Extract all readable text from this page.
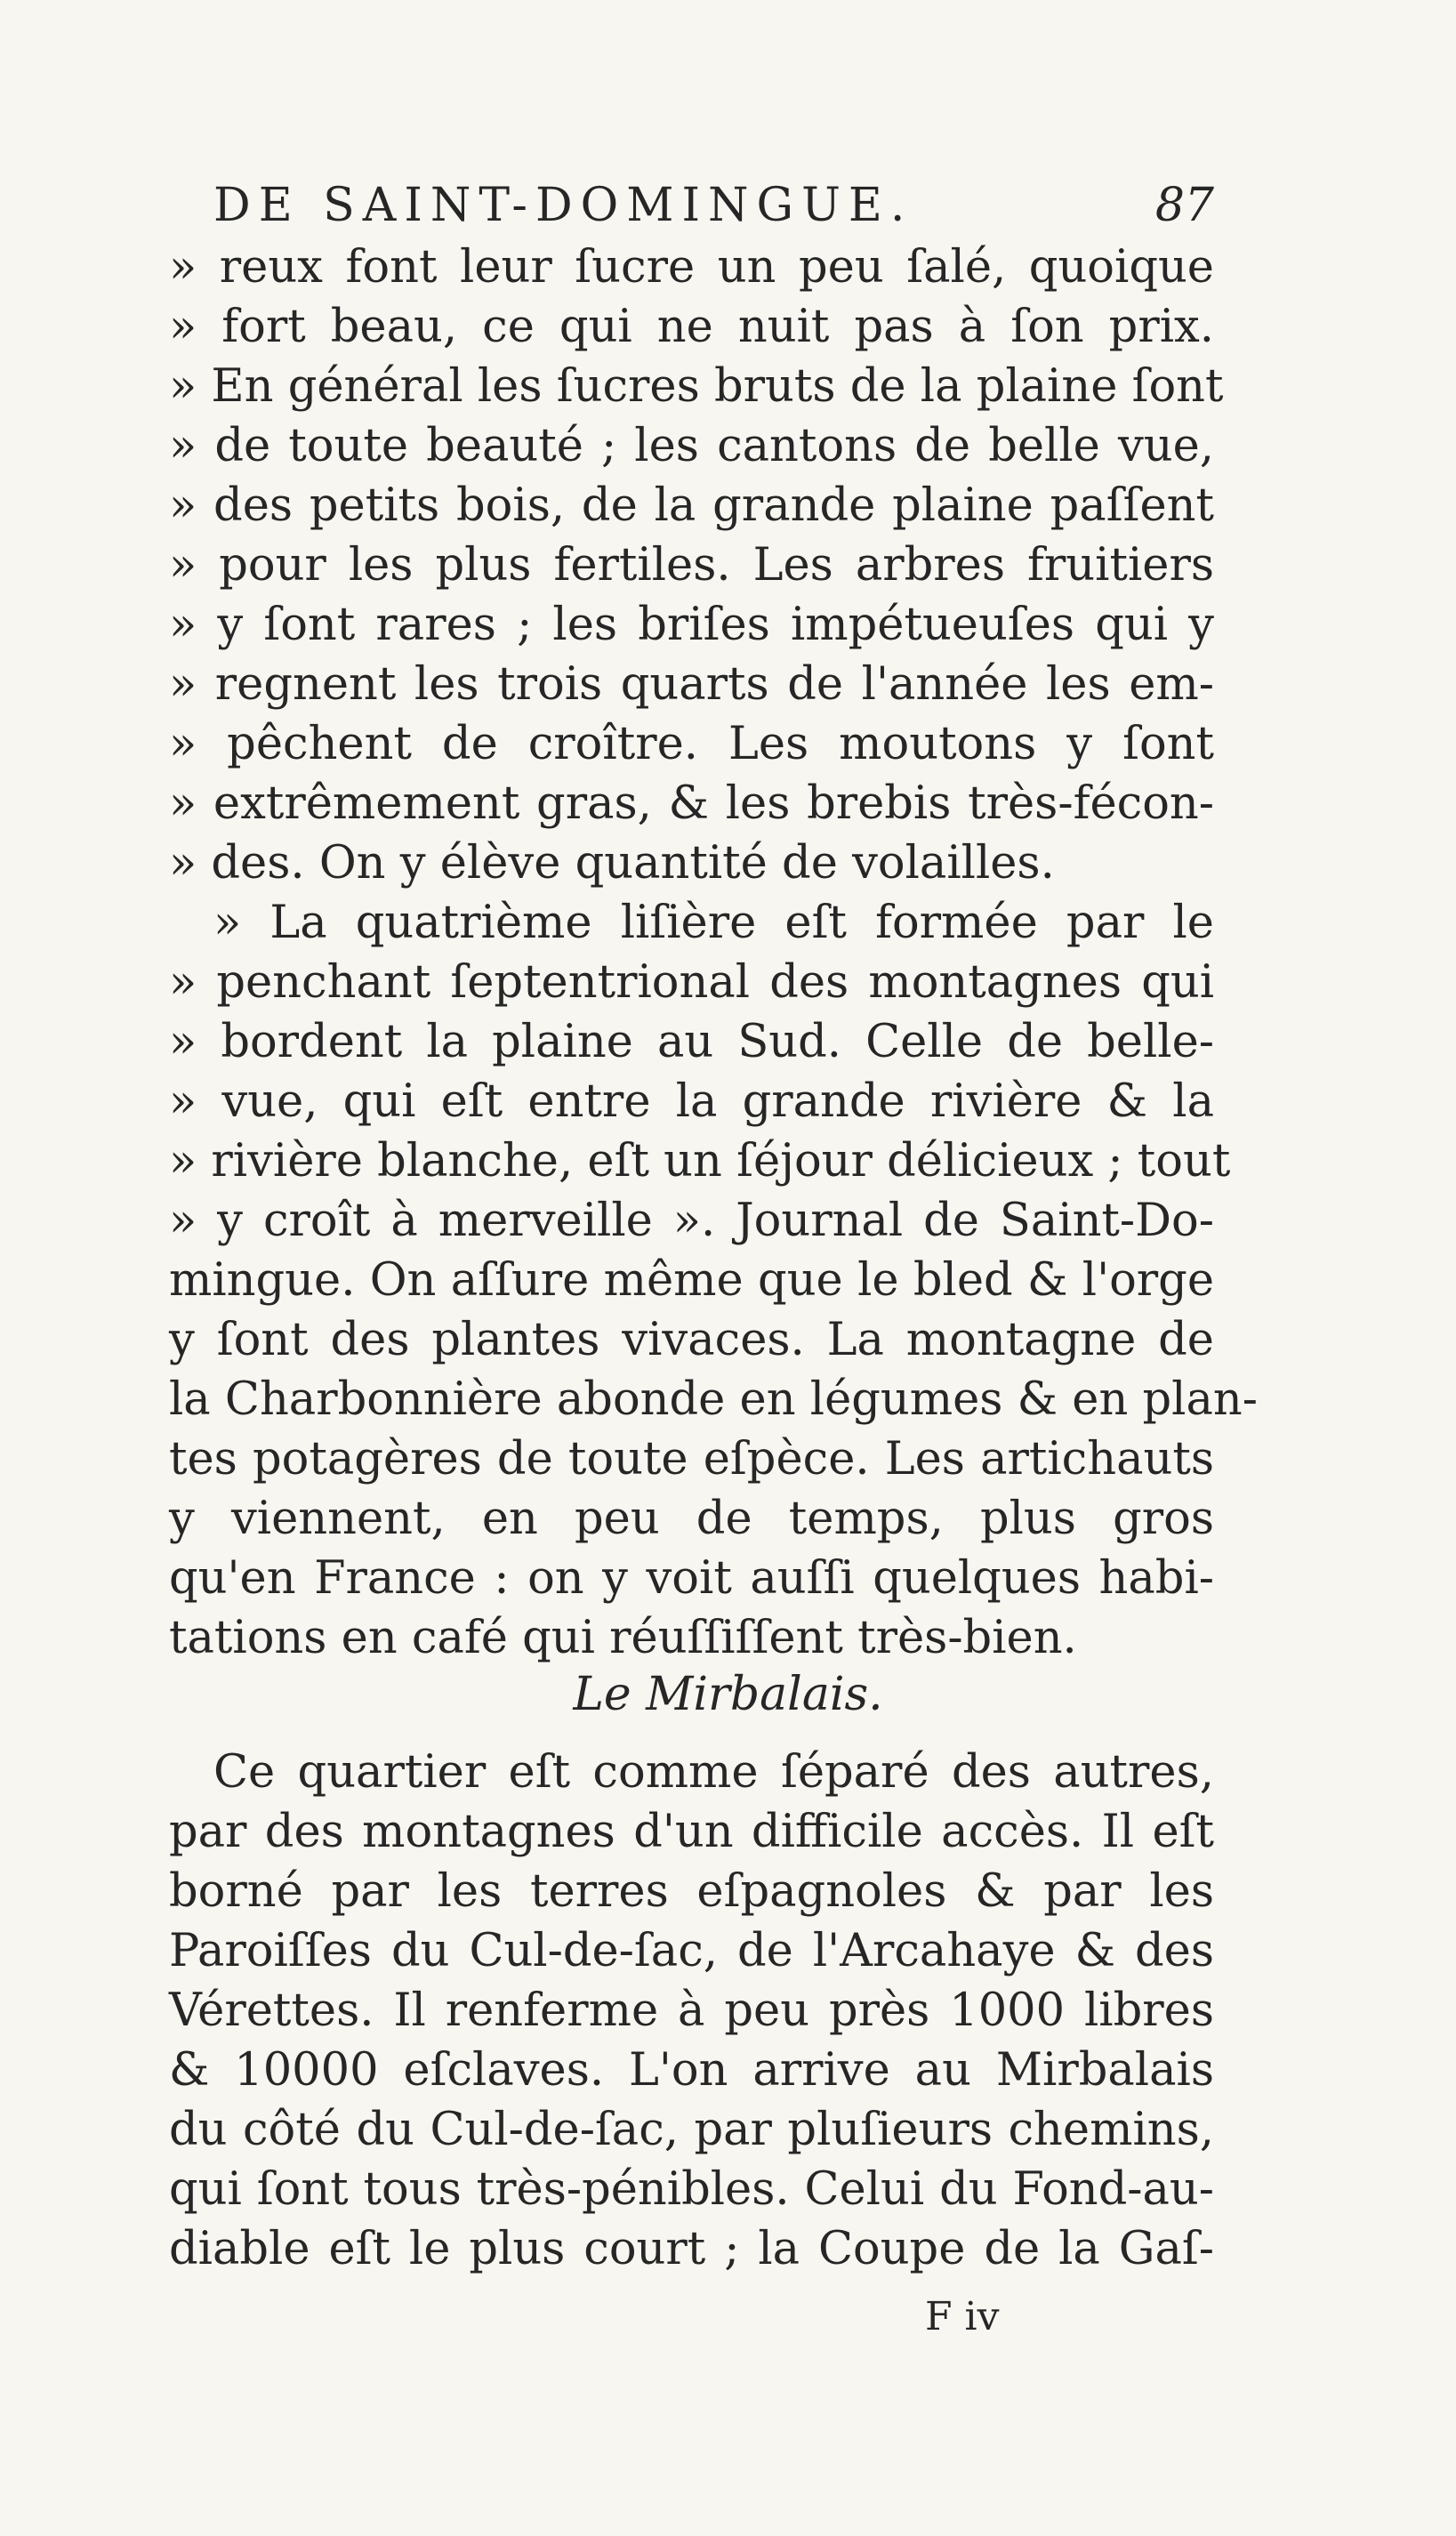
DE SAINT-DOMINGUE.	87
» reux font leur ſucre un peu ſalé, quoique
» fort beau, ce qui ne nuit pas à ſon prix.
» En général les ſucres bruts de la plaine ſont
» de toute beauté ; les cantons de belle vue,
» des petits bois, de la grande plaine paſſent
» pour les plus fertiles. Les arbres fruitiers
» y ſont rares ; les briſes impétueuſes qui y
» regnent les trois quarts de l'année les em-
» pêchent de croître. Les moutons y ſont
» extrêmement gras, & les brebis très-fécon-
» des. On y élève quantité de volailles.
» La quatrième liſière eſt formée par le
» penchant ſeptentrional des montagnes qui
» bordent la plaine au Sud. Celle de belle-
» vue, qui eſt entre la grande rivière & la
» rivière blanche, eſt un ſéjour délicieux ; tout
» y croît à merveille ». Journal de Saint-Do-
mingue. On aſſure même que le bled & l'orge
y ſont des plantes vivaces. La montagne de
la Charbonnière abonde en légumes & en plan-
tes potagères de toute eſpèce. Les artichauts
y viennent, en peu de temps, plus gros
qu'en France : on y voit auſſi quelques habi-
tations en café qui réuſſiſſent très-bien.
Le Mirbalais.
Ce quartier eſt comme ſéparé des autres,
par des montagnes d'un difficile accès. Il eſt
borné par les terres eſpagnoles & par les
Paroiſſes du Cul-de-ſac, de l'Arcahaye & des
Vérettes. Il renferme à peu près 1000 libres
& 10000 eſclaves. L'on arrive au Mirbalais
du côté du Cul-de-ſac, par pluſieurs chemins,
qui ſont tous très-pénibles. Celui du Fond-au-
diable eſt le plus court ; la Coupe de la Gaſ-
F iv
